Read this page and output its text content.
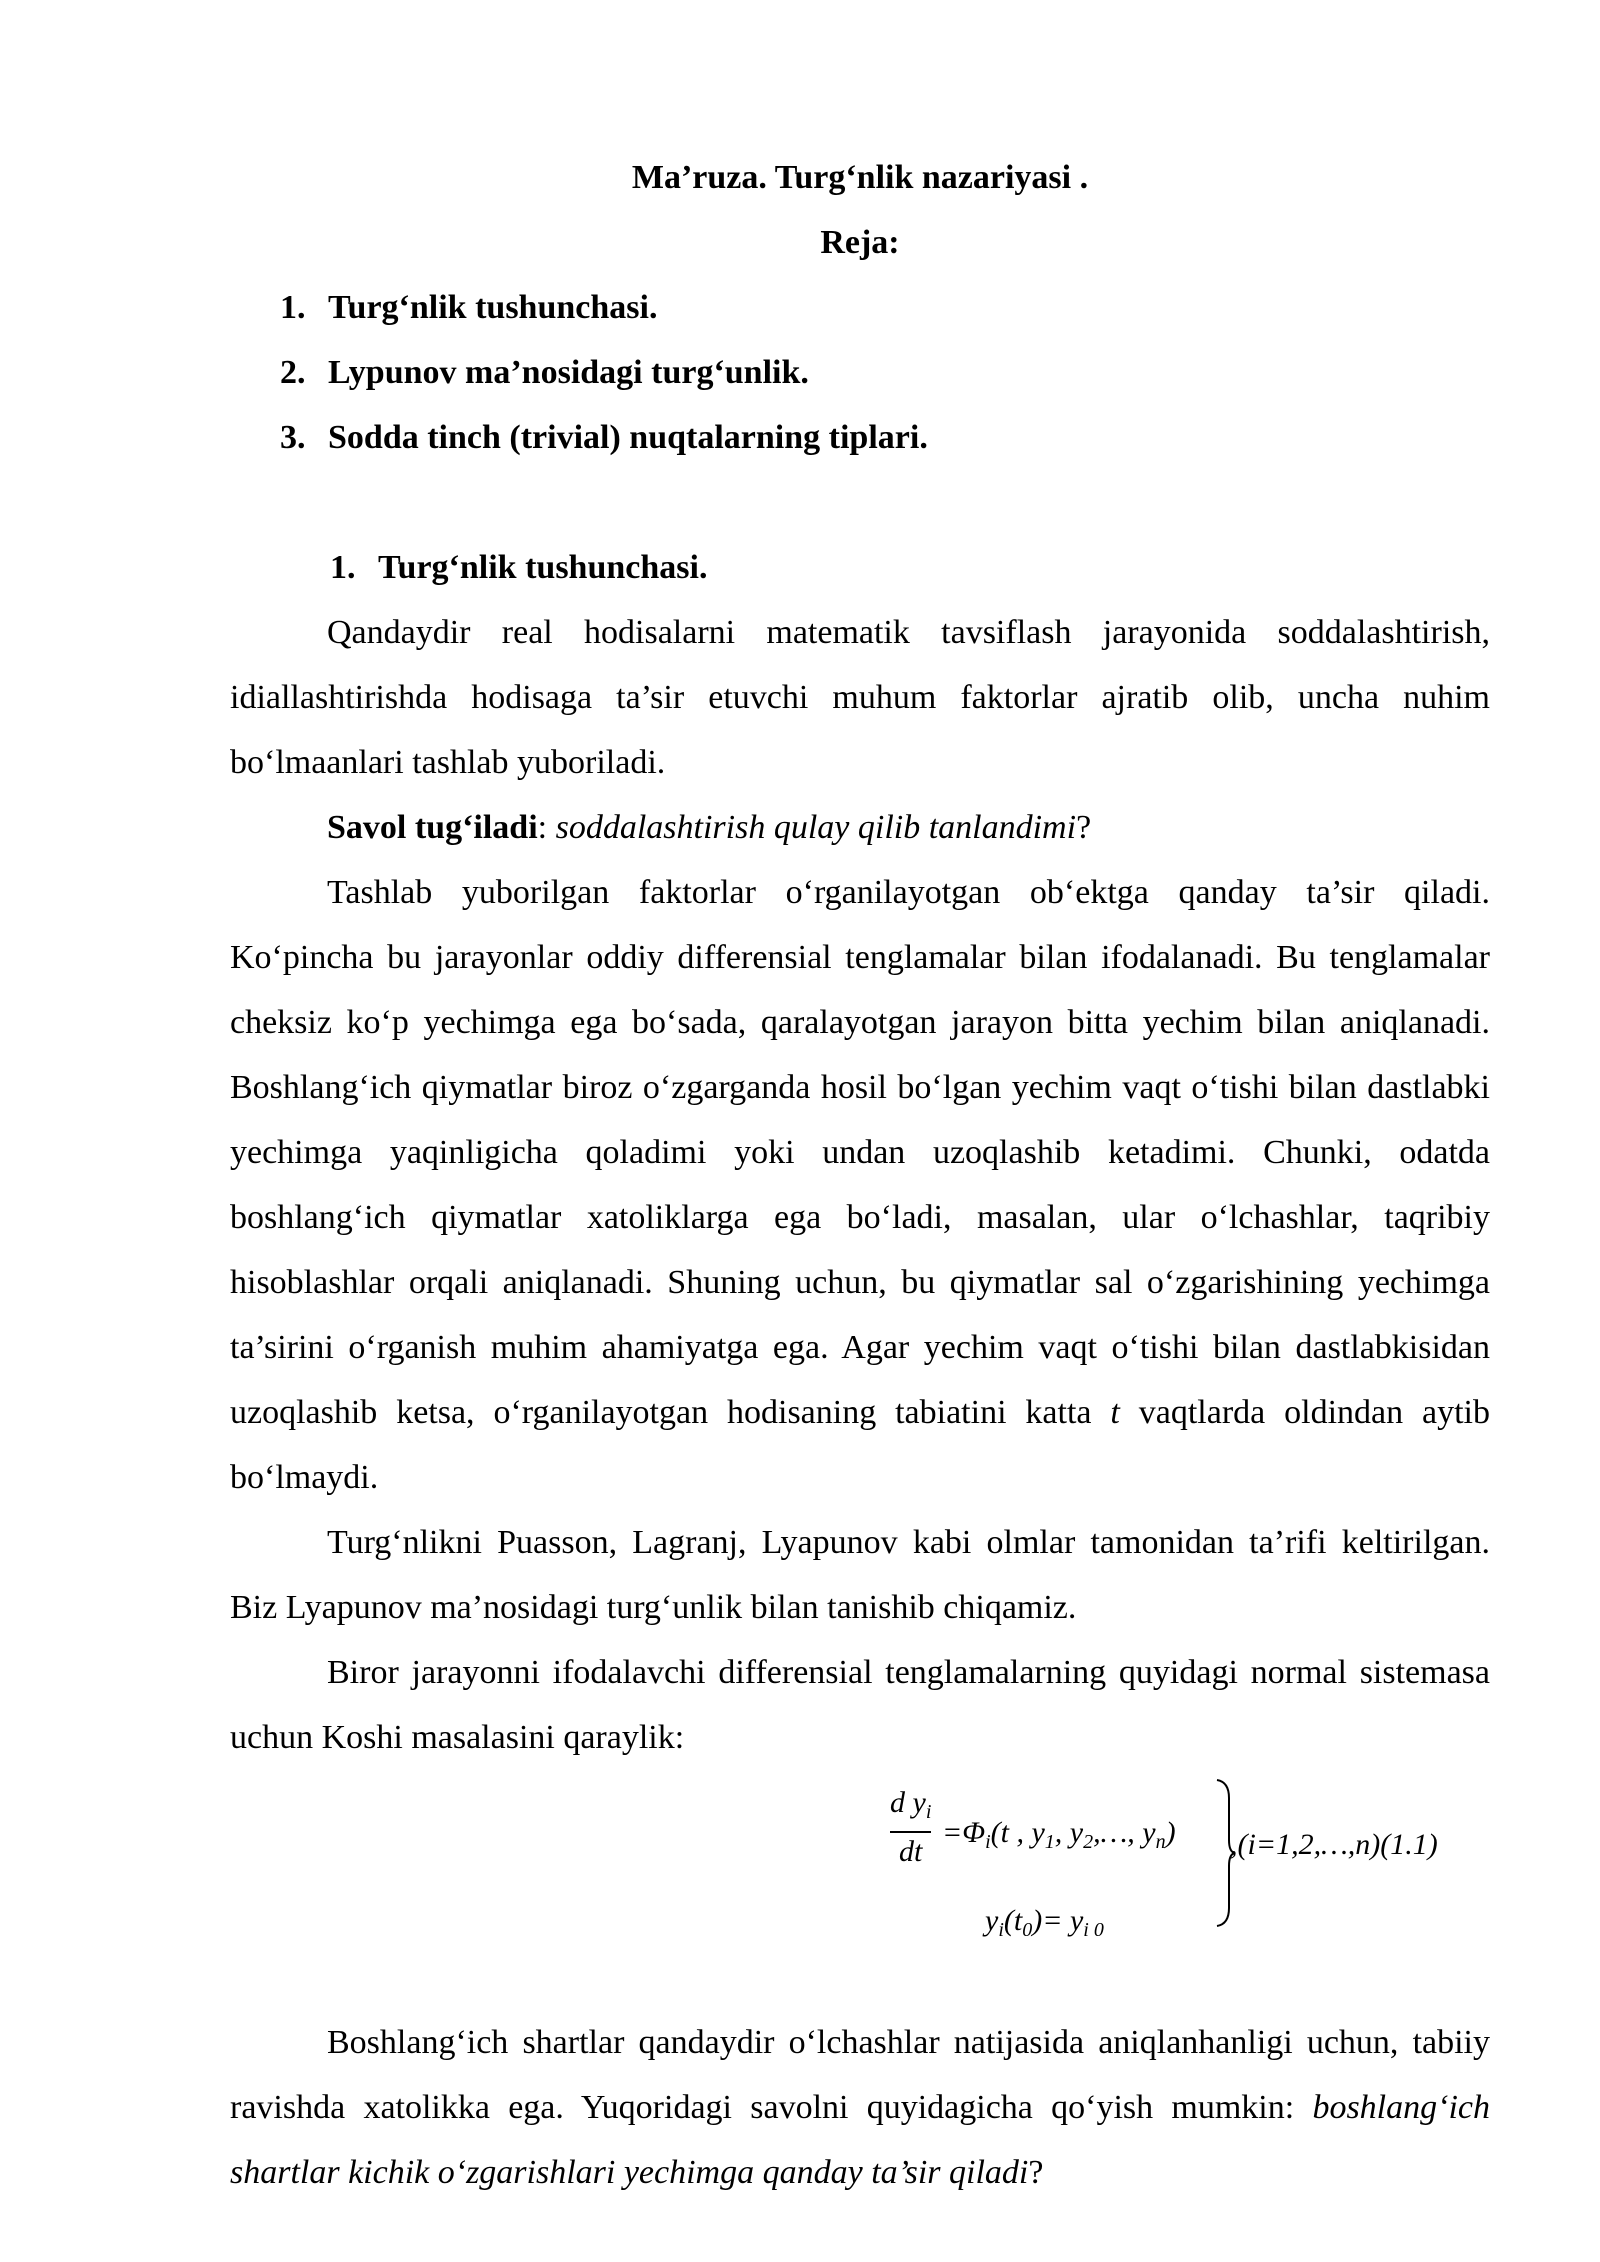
Ma’ruza. Turg‘nlik nazariyasi .
Reja:
1. Turg‘nlik tushunchasi.
2. Lypunov ma’nosidagi turg‘unlik.
3. Sodda tinch (trivial) nuqtalarning tiplari.
1. Turg‘nlik tushunchasi.

Qandaydir real hodisalarni matematik tavsiflash jarayonida soddalashtirish, idiallashtirishda hodisaga ta’sir etuvchi muhum faktorlar ajratib olib, uncha nuhim bo‘lmaanlari tashlab yuboriladi.

Savol tug‘iladi: soddalashtirish qulay qilib tanlandimi?

Tashlab yuborilgan faktorlar o‘rganilayotgan ob‘ektga qanday ta’sir qiladi. Ko‘pincha bu jarayonlar oddiy differensial tenglamalar bilan ifodalanadi. Bu tenglamalar cheksiz ko‘p yechimga ega bo‘sada, qaralayotgan jarayon bitta yechim bilan aniqlanadi. Boshlang‘ich qiymatlar biroz o‘zgarganda hosil bo‘lgan yechim vaqt o‘tishi bilan dastlabki yechimga yaqinligicha qoladimi yoki undan uzoqlashib ketadimi. Chunki, odatda boshlang‘ich qiymatlar xatoliklarga ega bo‘ladi, masalan, ular o‘lchashlar, taqribiy hisoblashlar orqali aniqlanadi. Shuning uchun, bu qiymatlar sal o‘zgarishining yechimga ta’sirini o‘rganish muhim ahamiyatga ega. Agar yechim vaqt o‘tishi bilan dastlabkisidan uzoqlashib ketsa, o‘rganilayotgan hodisaning tabiatini katta t vaqtlarda oldindan aytib bo‘lmaydi.

Turg‘nlikni Puasson, Lagranj, Lyapunov kabi olmlar tamonidan ta’rifi keltirilgan. Biz Lyapunov ma’nosidagi turg‘unlik bilan tanishib chiqamiz.

Biror jarayonni ifodalavchi differensial tenglamalarning quyidagi normal sistemasa uchun Koshi masalasini qaraylik:

$\frac{d y_i}{dt} =\Phi_i(t$ , $y_1$, $y_2,\dots$, $y_n$)
$y_i(t_0)= y_{i 0}$
,(i=1,2,…,n)(1.1)

Boshlang‘ich shartlar qandaydir o‘lchashlar natijasida aniqlanhanligi uchun, tabiiy ravishda xatolikka ega. Yuqoridagi savolni quyidagicha qo‘yish mumkin: boshlang‘ich shartlar kichik o‘zgarishlari yechimga qanday ta’sir qiladi?
